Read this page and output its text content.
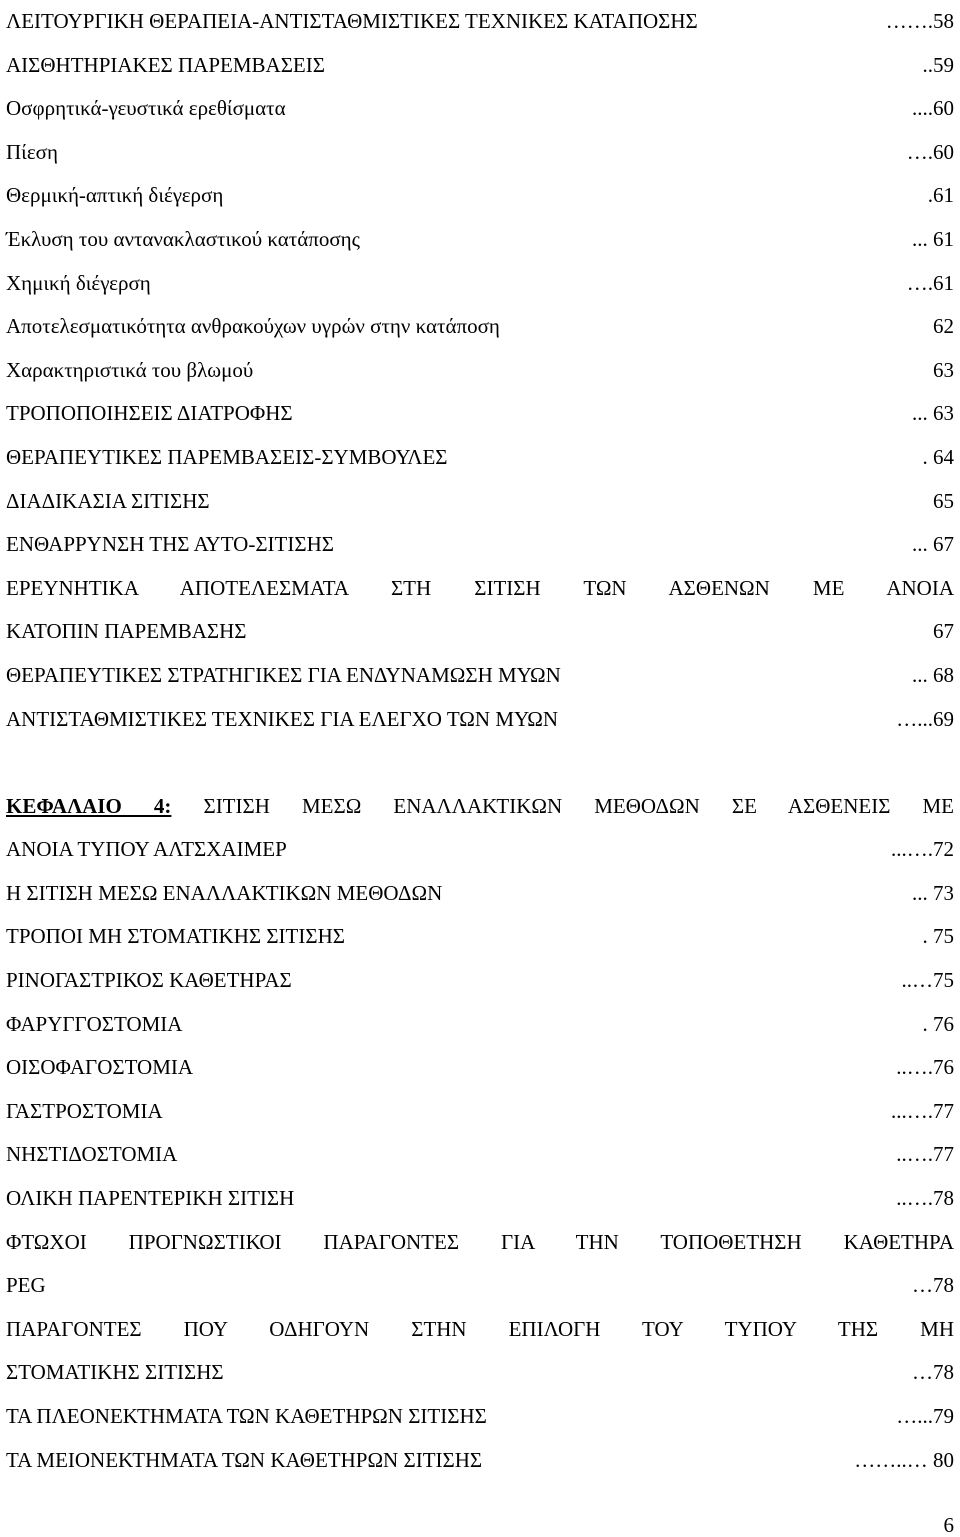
ΛΕΙΤΟΥΡΓΙΚΗ ΘΕΡΑΠΕΙΑ-ΑΝΤΙΣΤΑΘΜΙΣΤΙΚΕΣ ΤΕΧΝΙΚΕΣ ΚΑΤΑΠΟΣΗΣ	…….58
ΑΙΣΘΗΤΗΡΙΑΚΕΣ ΠΑΡΕΜΒΑΣΕΙΣ	..59
Οσφρητικά-γευστικά ερεθίσματα	....60
Πίεση	….60
Θερμική-απτική διέγερση	.61
Έκλυση του αντανακλαστικού κατάποσης	... 61
Χημική διέγερση	….61
Αποτελεσματικότητα ανθρακούχων υγρών στην κατάποση	62
Χαρακτηριστικά του βλωμού	63
ΤΡΟΠΟΠΟΙΗΣΕΙΣ ΔΙΑΤΡΟΦΗΣ	... 63
ΘΕΡΑΠΕΥΤΙΚΕΣ ΠΑΡΕΜΒΑΣΕΙΣ-ΣΥΜΒΟΥΛΕΣ	. 64
ΔΙΑΔΙΚΑΣΙΑ ΣΙΤΙΣΗΣ	65
ΕΝΘΑΡΡΥΝΣΗ ΤΗΣ ΑΥΤΟ-ΣΙΤΙΣΗΣ	... 67
ΕΡΕΥΝΗΤΙΚΑ ΑΠΟΤΕΛΕΣΜΑΤΑ ΣΤΗ ΣΙΤΙΣΗ ΤΩΝ ΑΣΘΕΝΩΝ ΜΕ ΑΝΟΙΑ
ΚΑΤΟΠΙΝ ΠΑΡΕΜΒΑΣΗΣ	67
ΘΕΡΑΠΕΥΤΙΚΕΣ ΣΤΡΑΤΗΓΙΚΕΣ ΓΙΑ ΕΝΔΥΝΑΜΩΣΗ ΜΥΩΝ	... 68
ΑΝΤΙΣΤΑΘΜΙΣΤΙΚΕΣ ΤΕΧΝΙΚΕΣ ΓΙΑ ΕΛΕΓΧΟ ΤΩΝ ΜΥΩΝ	…...69
ΚΕΦΑΛΑΙΟ 4: ΣΙΤΙΣΗ ΜΕΣΩ ΕΝΑΛΛΑΚΤΙΚΩΝ ΜΕΘΟΔΩΝ ΣΕ ΑΣΘΕΝΕΙΣ ΜΕ
ΑΝΟΙΑ ΤΥΠΟΥ ΑΛΤΣΧΑΙΜΕΡ	...….72
Η ΣΙΤΙΣΗ ΜΕΣΩ ΕΝΑΛΛΑΚΤΙΚΩΝ ΜΕΘΟΔΩΝ	... 73
ΤΡΟΠΟΙ ΜΗ ΣΤΟΜΑΤΙΚΗΣ ΣΙΤΙΣΗΣ	. 75
ΡΙΝΟΓΑΣΤΡΙΚΟΣ ΚΑΘΕΤΗΡΑΣ	..…75
ΦΑΡΥΓΓΟΣΤΟΜΙΑ	. 76
ΟΙΣΟΦΑΓΟΣΤΟΜΙΑ	..….76
ΓΑΣΤΡΟΣΤΟΜΙΑ	...….77
ΝΗΣΤΙΔΟΣΤΟΜΙΑ	..….77
ΟΛΙΚΗ ΠΑΡΕΝΤΕΡΙΚΗ ΣΙΤΙΣΗ	..….78
ΦΤΩΧΟΙ ΠΡΟΓΝΩΣΤΙΚΟΙ ΠΑΡΑΓΟΝΤΕΣ ΓΙΑ ΤΗΝ ΤΟΠΟΘΕΤΗΣΗ ΚΑΘΕΤΗΡΑ
PEG	…78
ΠΑΡΑΓΟΝΤΕΣ ΠΟΥ ΟΔΗΓΟΥΝ ΣΤΗΝ ΕΠΙΛΟΓΗ ΤΟΥ ΤΥΠΟΥ ΤΗΣ ΜΗ
ΣΤΟΜΑΤΙΚΗΣ ΣΙΤΙΣΗΣ	…78
ΤΑ ΠΛΕΟΝΕΚΤΗΜΑΤΑ ΤΩΝ ΚΑΘΕΤΗΡΩΝ ΣΙΤΙΣΗΣ	…...79
ΤΑ ΜΕΙΟΝΕΚΤΗΜΑΤΑ ΤΩΝ ΚΑΘΕΤΗΡΩΝ ΣΙΤΙΣΗΣ	……..… 80
6
